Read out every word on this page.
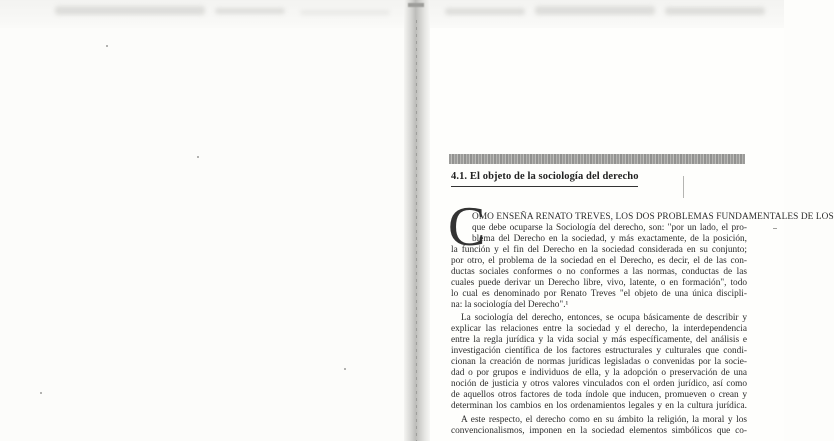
4.1. El objeto de la sociología del derecho
C

OMO ENSEÑA RENATO TREVES, LOS DOS PROBLEMAS FUNDAMENTALES DE LOS

que debe ocuparse la Sociología del derecho, son: "por un lado, el pro-

blema del Derecho en la sociedad, y más exactamente, de la posición,

la función y el fin del Derecho en la sociedad considerada en su conjunto;

por otro, el problema de la sociedad en el Derecho, es decir, el de las con-

ductas sociales conformes o no conformes a las normas, conductas de las

cuales puede derivar un Derecho libre, vivo, latente, o en formación", todo

lo cual es denominado por Renato Treves "el objeto de una única discipli-

na: la sociología del Derecho".¹

La sociología del derecho, entonces, se ocupa básicamente de describir y

explicar las relaciones entre la sociedad y el derecho, la interdependencia

entre la regla jurídica y la vida social y más específicamente, del análisis e

investigación científica de los factores estructurales y culturales que condi-

cionan la creación de normas jurídicas legisladas o convenidas por la socie-

dad o por grupos e individuos de ella, y la adopción o preservación de una

noción de justicia y otros valores vinculados con el orden jurídico, así como

de aquellos otros factores de toda índole que inducen, promueven o crean y

determinan los cambios en los ordenamientos legales y en la cultura jurídica.

A este respecto, el derecho como en su ámbito la religión, la moral y los

convencionalismos, imponen en la sociedad elementos simbólicos que co-
